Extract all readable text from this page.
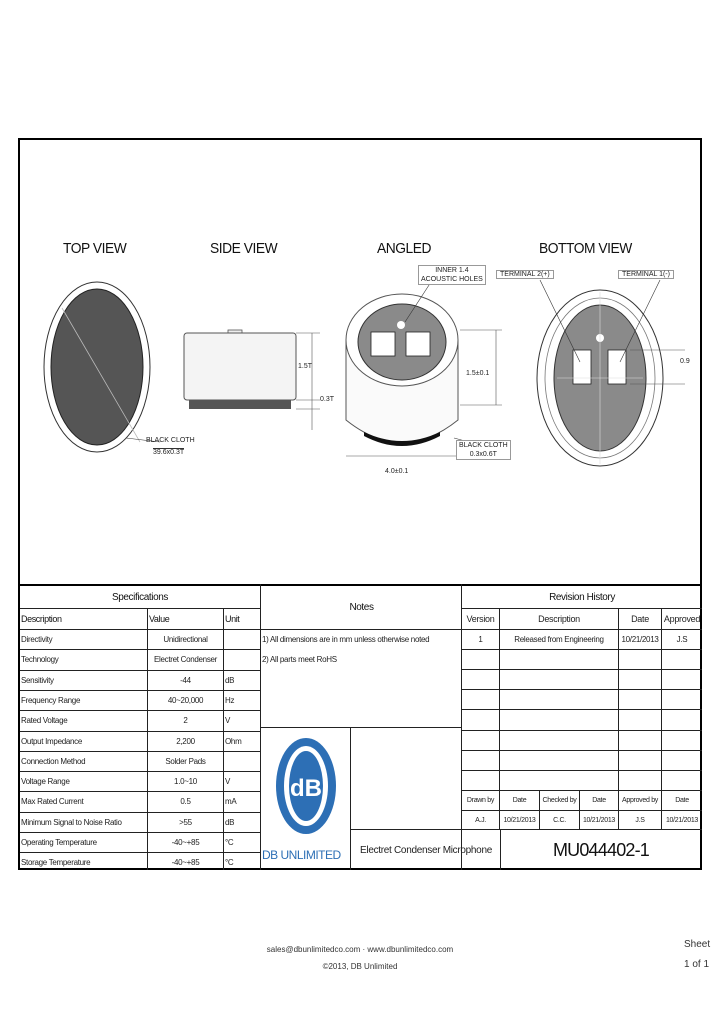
TOP VIEW	SIDE VIEW	ANGLED	BOTTOM VIEW
BLACK CLOTH
39.6x0.3T
1.5T
0.3T
INNER 1.4
ACOUSTIC HOLES
1.5±0.1
BLACK CLOTH
0.3x0.6T
4.0±0.1
TERMINAL 2(+)	TERMINAL 1(-)
0.9
Specifications
Description	Value	Unit
Directivity	Unidirectional
Technology	Electret Condenser
Sensitivity	-44	dB
Frequency Range	40~20,000	Hz
Rated Voltage	2	V
Output Impedance	2,200	Ohm
Connection Method	Solder Pads
Voltage Range	1.0~10	V
Max Rated Current	0.5	mA
Minimum Signal to Noise Ratio	>55	dB
Operating Temperature	-40~+85	°C
Storage Temperature	-40~+85	°C
Notes
1) All dimensions are in mm unless otherwise noted
2) All parts meet RoHS
dB
DB UNLIMITED	Electret Condenser Microphone	MU044402-1
Revision History
Version	Description	Date	Approved
1	Released from Engineering	10/21/2013	J.S
Drawn by	Date	Checked by	Date	Approved by	Date
A.J.	10/21/2013	C.C.	10/21/2013	J.S	10/21/2013
sales@dbunlimitedco.com · www.dbunlimitedco.com
©2013, DB Unlimited
Sheet
1 of 1
